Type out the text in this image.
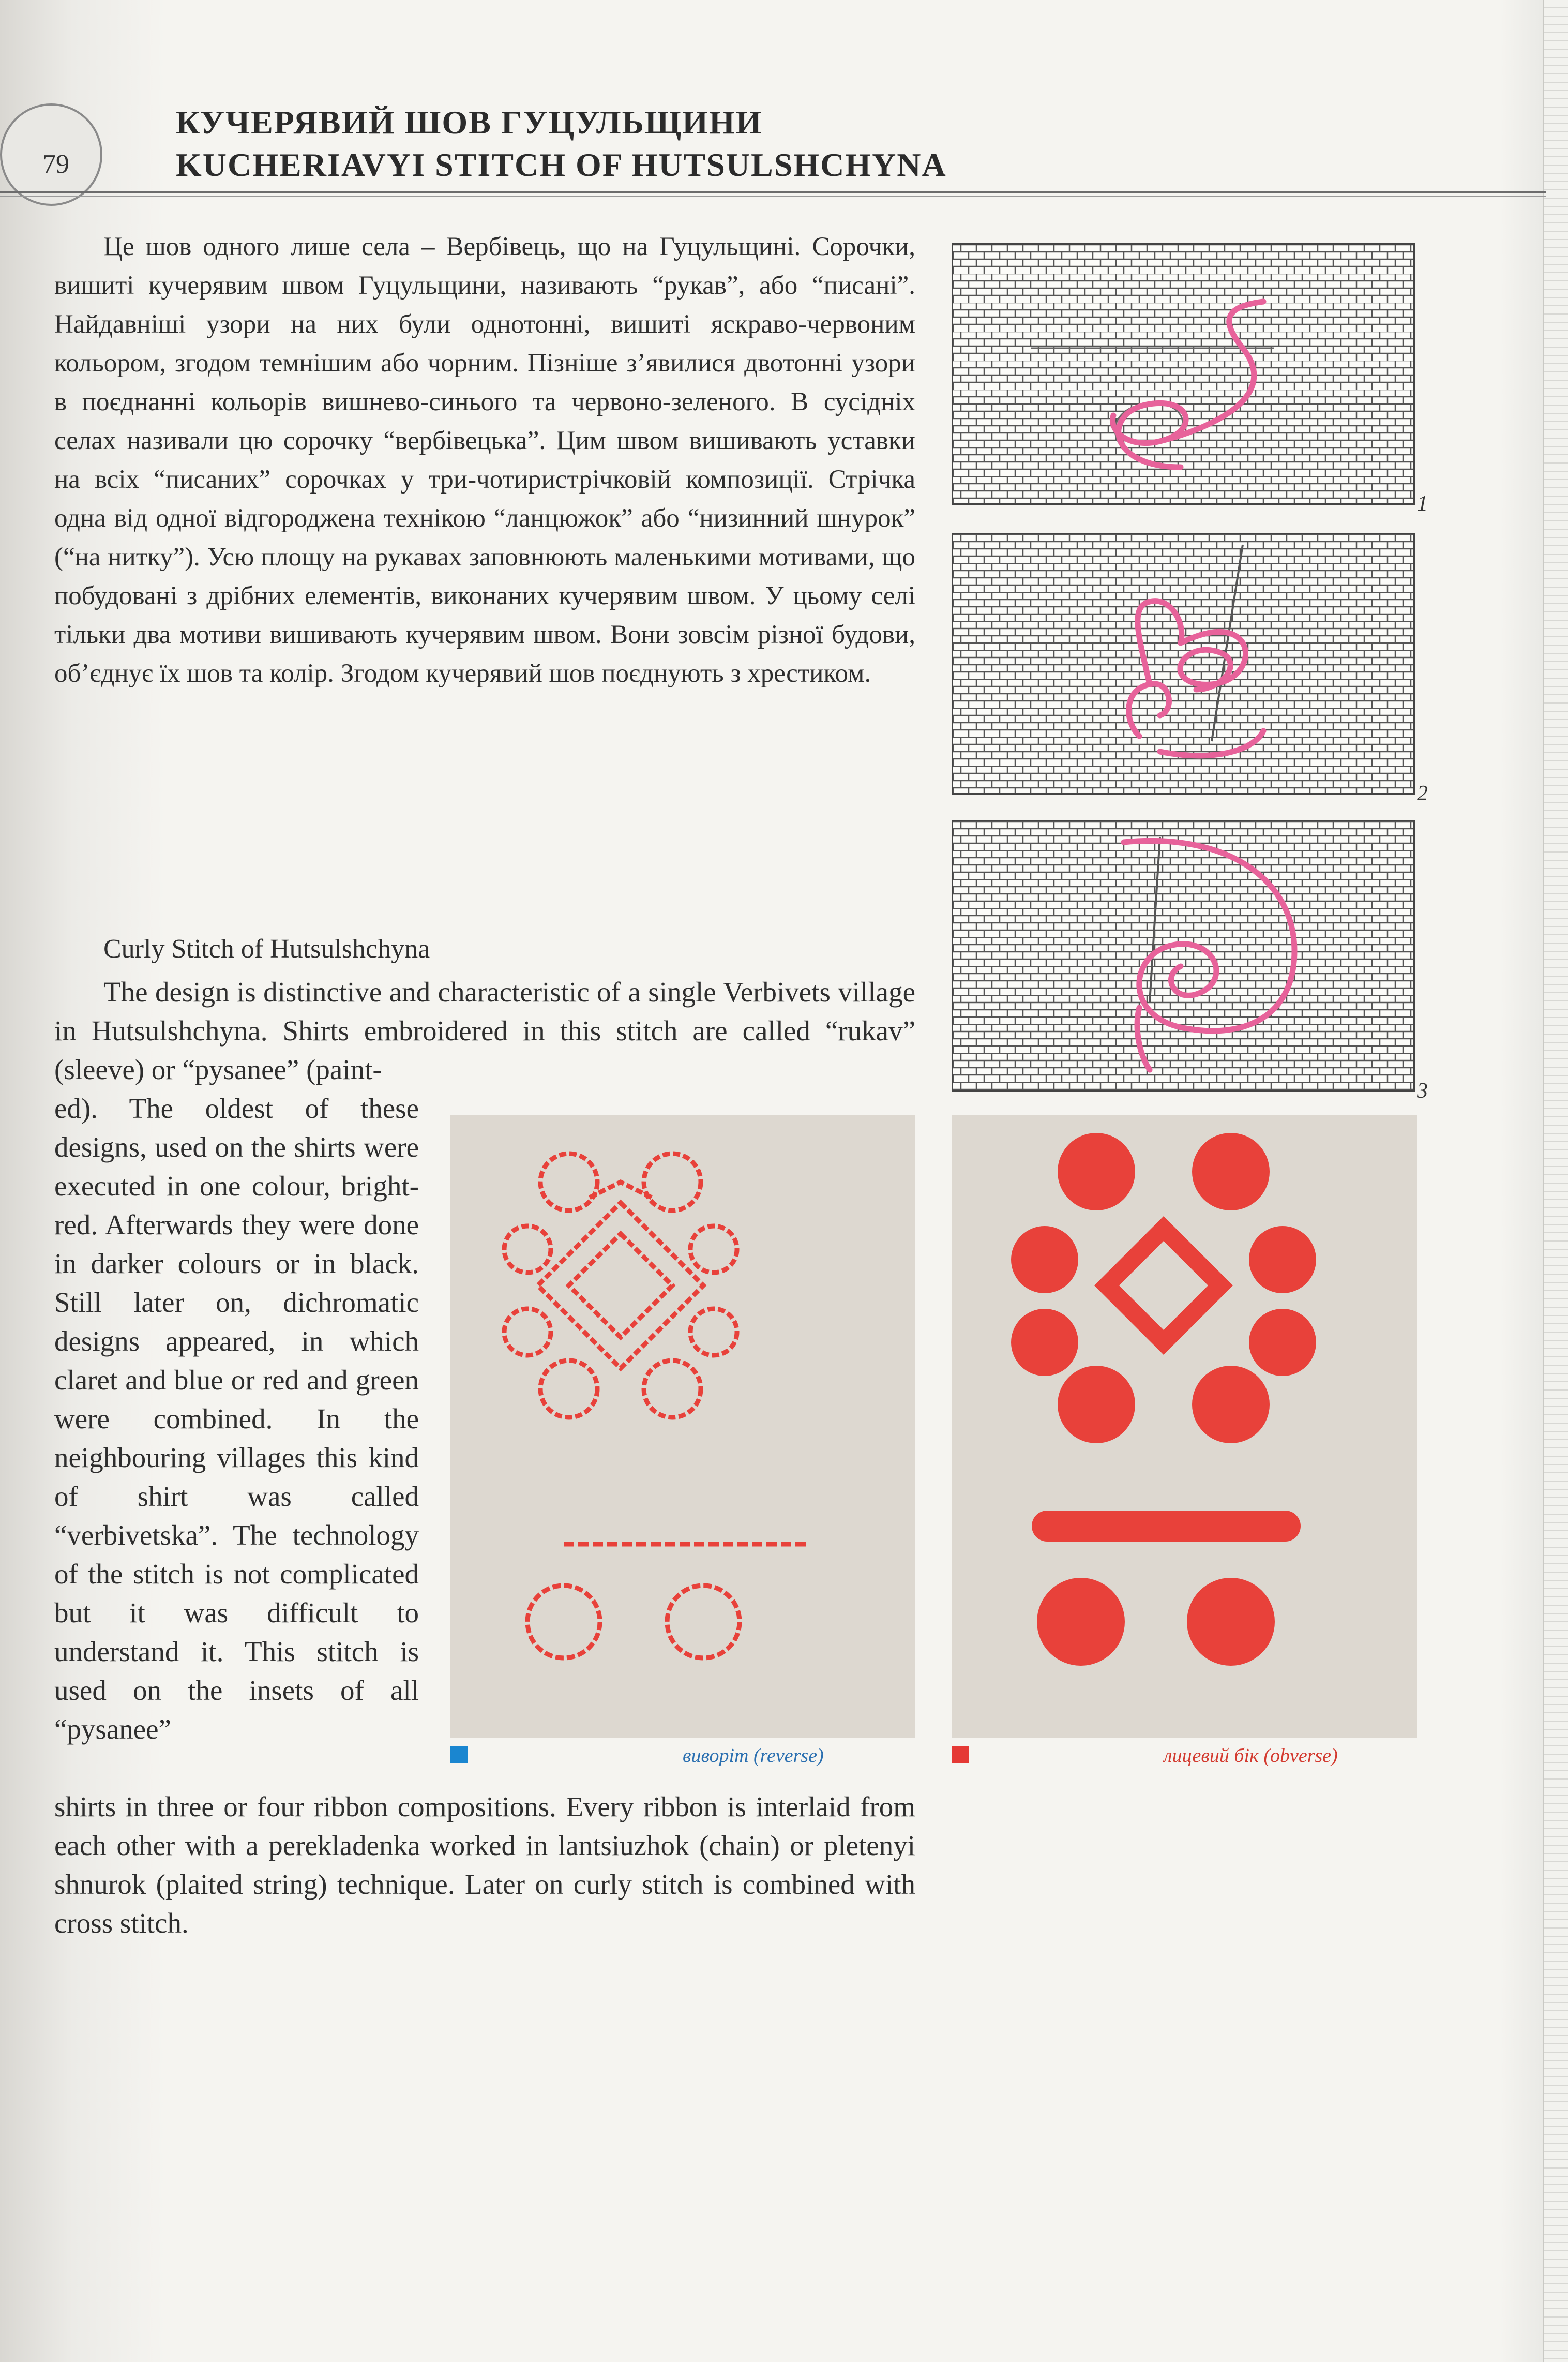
79
КУЧЕРЯВИЙ ШОВ ГУЦУЛЬЩИНИ
KUCHERIAVYI STITCH OF HUTSULSHCHYNA

Це шов одного лише села – Вербівець, що на Гуцульщині. Сорочки, вишиті кучерявим швом Гуцульщини, називають “рукав”, або “писані”. Найдавніші узори на них були однотонні, вишиті яскраво-червоним кольором, згодом темнішим або чорним. Пізніше з’явилися двотонні узори в поєднанні кольорів вишнево-синього та червоно-зеленого. В сусідніх селах називали цю сорочку “вербівецька”. Цим швом вишивають уставки на всіх “писаних” сорочках у три-чотиристрічковій композиції. Стрічка одна від одної відгороджена технікою “ланцюжок” або “низинний шнурок” (“на нитку”). Усю площу на рукавах заповнюють маленькими мотивами, що побудовані з дрібних елементів, виконаних кучерявим швом. У цьому селі тільки два мотиви вишивають кучерявим швом. Вони зовсім різної будови, об’єднує їх шов та колір. Згодом кучерявий шов поєднують з хрестиком.

Curly Stitch of Hutsulshchyna

The design is distinctive and characteristic of a single Verbivets village in Hutsulshchyna. Shirts embroidered in this stitch are called “rukav” (sleeve) or “pysanee” (paint-

ed). The oldest of these designs, used on the shirts were executed in one colour, bright-red. Afterwards they were done in darker colours or in black. Still later on, dichromatic designs appeared, in which claret and blue or red and green were combined. In the neighbouring villages this kind of shirt was called “verbivetska”. The technology of the stitch is not complicated but it was difficult to understand it. This stitch is used on the insets of all “pysanee”

shirts in three or four ribbon compositions. Every ribbon is interlaid from each other with a perekladenka worked in lantsiuzhok (chain) or pletenyi shnurok (plaited string) technique. Later on curly stitch is combined with cross stitch.

1
2
3
виворіт (reverse)	лицевий бік (obverse)
